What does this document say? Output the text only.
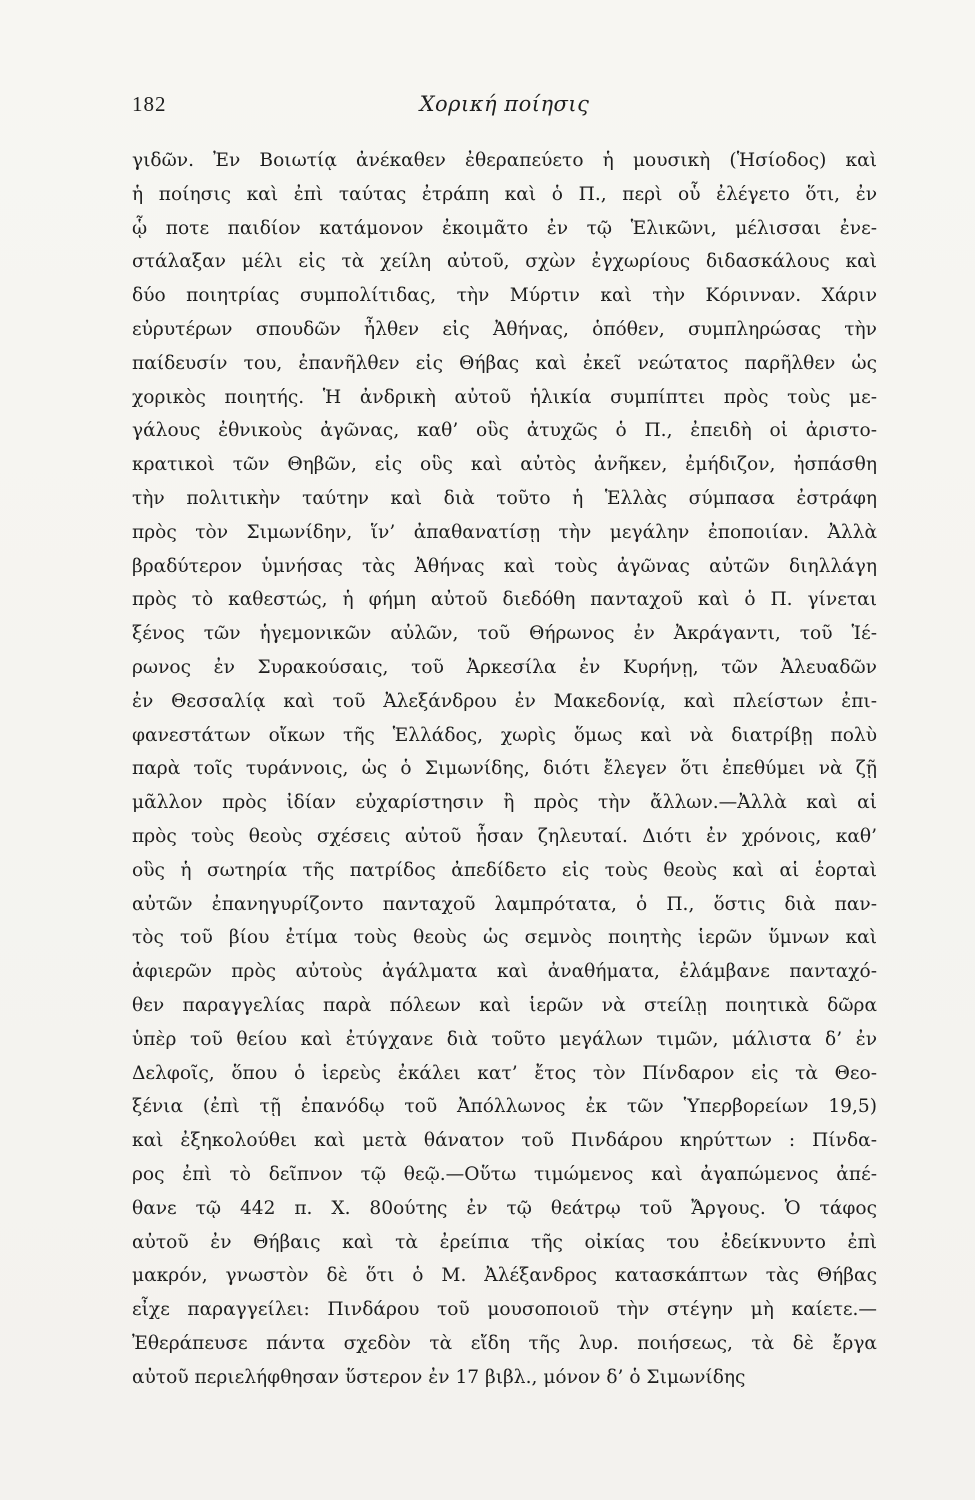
182	Χορική ποίησις
γιδῶν. Ἐν Βοιωτίᾳ ἀνέκαθεν ἐθεραπεύετο ἡ μουσικὴ (Ἡσίοδος) καὶ
ἡ ποίησις καὶ ἐπὶ ταύτας ἐτράπη καὶ ὁ Π., περὶ οὗ ἐλέγετο ὅτι, ἐν
ᾧ ποτε παιδίον κατάμονον ἐκοιμᾶτο ἐν τῷ Ἑλικῶνι, μέλισσαι ἐνε-
στάλαξαν μέλι εἰς τὰ χείλη αὐτοῦ, σχὼν ἐγχωρίους διδασκάλους καὶ
δύο ποιητρίας συμπολίτιδας, τὴν Μύρτιν καὶ τὴν Κόρινναν. Χάριν
εὐρυτέρων σπουδῶν ἦλθεν εἰς Ἀθήνας, ὁπόθεν, συμπληρώσας τὴν
παίδευσίν του, ἐπανῆλθεν εἰς Θήβας καὶ ἐκεῖ νεώτατος παρῆλθεν ὡς
χορικὸς ποιητής. Ἡ ἀνδρικὴ αὐτοῦ ἡλικία συμπίπτει πρὸς τοὺς με-
γάλους ἐθνικοὺς ἀγῶνας, καθ’ οὓς ἀτυχῶς ὁ Π., ἐπειδὴ οἱ ἀριστο-
κρατικοὶ τῶν Θηβῶν, εἰς οὓς καὶ αὐτὸς ἀνῆκεν, ἐμήδιζον, ἠσπάσθη
τὴν πολιτικὴν ταύτην καὶ διὰ τοῦτο ἡ Ἑλλὰς σύμπασα ἐστράφη
πρὸς τὸν Σιμωνίδην, ἵν’ ἀπαθανατίσῃ τὴν μεγάλην ἐποποιίαν. Ἀλλὰ
βραδύτερον ὑμνήσας τὰς Ἀθήνας καὶ τοὺς ἀγῶνας αὐτῶν διηλλάγη
πρὸς τὸ καθεστώς, ἡ φήμη αὐτοῦ διεδόθη πανταχοῦ καὶ ὁ Π. γίνεται
ξένος τῶν ἡγεμονικῶν αὐλῶν, τοῦ Θήρωνος ἐν Ἀκράγαντι, τοῦ Ἱέ-
ρωνος ἐν Συρακούσαις, τοῦ Ἀρκεσίλα ἐν Κυρήνῃ, τῶν Ἀλευαδῶν
ἐν Θεσσαλίᾳ καὶ τοῦ Ἀλεξάνδρου ἐν Μακεδονίᾳ, καὶ πλείστων ἐπι-
φανεστάτων οἴκων τῆς Ἑλλάδος, χωρὶς ὅμως καὶ νὰ διατρίβῃ πολὺ
παρὰ τοῖς τυράννοις, ὡς ὁ Σιμωνίδης, διότι ἔλεγεν ὅτι ἐπεθύμει νὰ ζῇ
μᾶλλον πρὸς ἰδίαν εὐχαρίστησιν ἢ πρὸς τὴν ἄλλων.—Ἀλλὰ καὶ αἱ
πρὸς τοὺς θεοὺς σχέσεις αὐτοῦ ἦσαν ζηλευταί. Διότι ἐν χρόνοις, καθ’
οὓς ἡ σωτηρία τῆς πατρίδος ἀπεδίδετο εἰς τοὺς θεοὺς καὶ αἱ ἑορταὶ
αὐτῶν ἐπανηγυρίζοντο πανταχοῦ λαμπρότατα, ὁ Π., ὅστις διὰ παν-
τὸς τοῦ βίου ἐτίμα τοὺς θεοὺς ὡς σεμνὸς ποιητὴς ἱερῶν ὕμνων καὶ
ἀφιερῶν πρὸς αὐτοὺς ἀγάλματα καὶ ἀναθήματα, ἐλάμβανε πανταχό-
θεν παραγγελίας παρὰ πόλεων καὶ ἱερῶν νὰ στείλῃ ποιητικὰ δῶρα
ὑπὲρ τοῦ θείου καὶ ἐτύγχανε διὰ τοῦτο μεγάλων τιμῶν, μάλιστα δ’ ἐν
Δελφοῖς, ὅπου ὁ ἱερεὺς ἐκάλει κατ’ ἔτος τὸν Πίνδαρον εἰς τὰ Θεο-
ξένια (ἐπὶ τῇ ἐπανόδῳ τοῦ Ἀπόλλωνος ἐκ τῶν Ὑπερβορείων 19,5)
καὶ ἐξηκολούθει καὶ μετὰ θάνατον τοῦ Πινδάρου κηρύττων : Πίνδα-
ρος ἐπὶ τὸ δεῖπνον τῷ θεῷ.—Οὕτω τιμώμενος καὶ ἀγαπώμενος ἀπέ-
θανε τῷ 442 π. Χ. 80ούτης ἐν τῷ θεάτρῳ τοῦ Ἄργους. Ὁ τάφος
αὐτοῦ ἐν Θήβαις καὶ τὰ ἐρείπια τῆς οἰκίας του ἐδείκνυντο ἐπὶ
μακρόν, γνωστὸν δὲ ὅτι ὁ Μ. Ἀλέξανδρος κατασκάπτων τὰς Θήβας
εἶχε παραγγείλει: Πινδάρου τοῦ μουσοποιοῦ τὴν στέγην μὴ καίετε.—
Ἐθεράπευσε πάντα σχεδὸν τὰ εἴδη τῆς λυρ. ποιήσεως, τὰ δὲ ἔργα
αὐτοῦ περιελήφθησαν ὕστερον ἐν 17 βιβλ., μόνον δ’ ὁ Σιμωνίδης
